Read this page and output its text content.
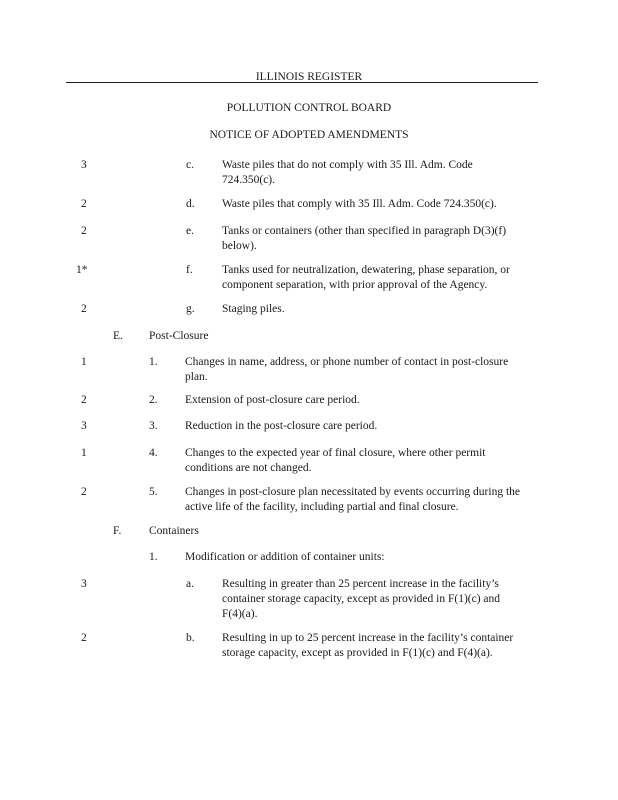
ILLINOIS REGISTER
POLLUTION CONTROL BOARD
NOTICE OF ADOPTED AMENDMENTS
3	c. Waste piles that do not comply with 35 Ill. Adm. Code 724.350(c).
2	d. Waste piles that comply with 35 Ill. Adm. Code 724.350(c).
2	e. Tanks or containers (other than specified in paragraph D(3)(f) below).
1*	f.	Tanks used for neutralization, dewatering, phase separation, or component separation, with prior approval of the Agency.
2	g. Staging piles.
E. Post-Closure
1	1. Changes in name, address, or phone number of contact in post-closure plan.
2	2. Extension of post-closure care period.
3	3. Reduction in the post-closure care period.
1	4. Changes to the expected year of final closure, where other permit conditions are not changed.
2	5. Changes in post-closure plan necessitated by events occurring during the active life of the facility, including partial and final closure.
F. Containers
1. Modification or addition of container units:
3	a. Resulting in greater than 25 percent increase in the facility’s container storage capacity, except as provided in F(1)(c) and F(4)(a).
2	b. Resulting in up to 25 percent increase in the facility’s container storage capacity, except as provided in F(1)(c) and F(4)(a).
